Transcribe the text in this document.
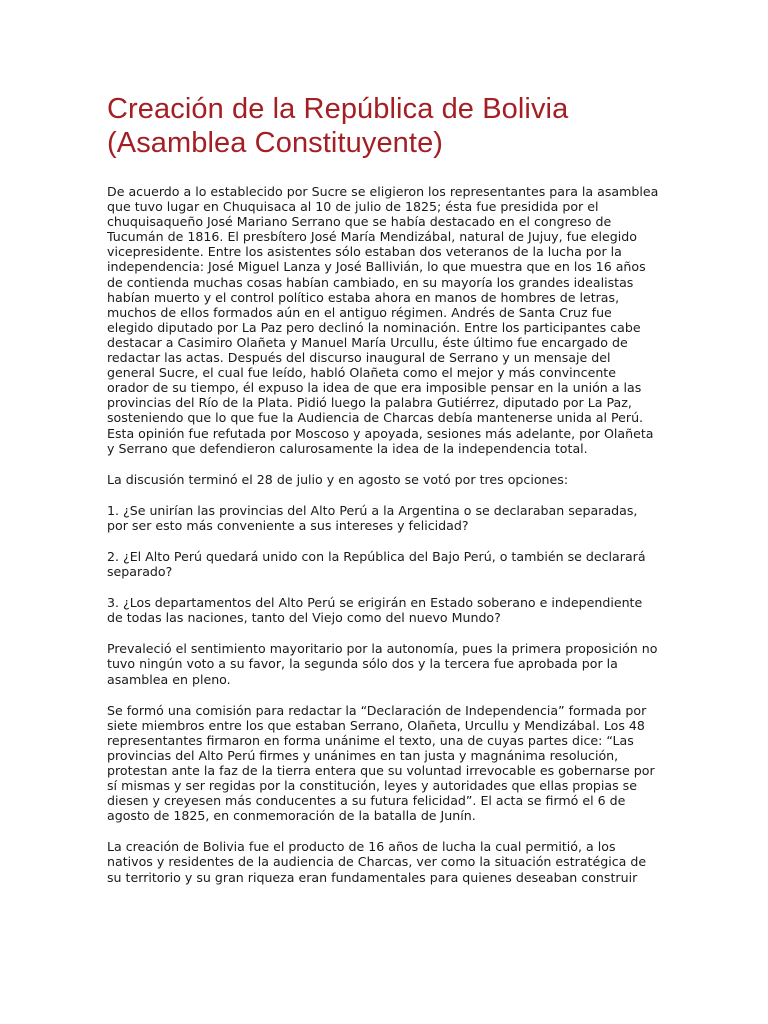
Creación de la República de Bolivia
(Asamblea Constituyente)

De acuerdo a lo establecido por Sucre se eligieron los representantes para la asamblea
que tuvo lugar en Chuquisaca al 10 de julio de 1825; ésta fue presidida por el
chuquisaqueño José Mariano Serrano que se había destacado en el congreso de
Tucumán de 1816. El presbítero José María Mendizábal, natural de Jujuy, fue elegido
vicepresidente. Entre los asistentes sólo estaban dos veteranos de la lucha por la
independencia: José Miguel Lanza y José Ballivián, lo que muestra que en los 16 años
de contienda muchas cosas habían cambiado, en su mayoría los grandes idealistas
habían muerto y el control político estaba ahora en manos de hombres de letras,
muchos de ellos formados aún en el antiguo régimen. Andrés de Santa Cruz fue
elegido diputado por La Paz pero declinó la nominación. Entre los participantes cabe
destacar a Casimiro Olañeta y Manuel María Urcullu, éste último fue encargado de
redactar las actas. Después del discurso inaugural de Serrano y un mensaje del
general Sucre, el cual fue leído, habló Olañeta como el mejor y más convincente
orador de su tiempo, él expuso la idea de que era imposible pensar en la unión a las
provincias del Río de la Plata. Pidió luego la palabra Gutiérrez, diputado por La Paz,
sosteniendo que lo que fue la Audiencia de Charcas debía mantenerse unida al Perú.
Esta opinión fue refutada por Moscoso y apoyada, sesiones más adelante, por Olañeta
y Serrano que defendieron calurosamente la idea de la independencia total.

La discusión terminó el 28 de julio y en agosto se votó por tres opciones:

1. ¿Se unirían las provincias del Alto Perú a la Argentina o se declaraban separadas,
por ser esto más conveniente a sus intereses y felicidad?

2. ¿El Alto Perú quedará unido con la República del Bajo Perú, o también se declarará
separado?

3. ¿Los departamentos del Alto Perú se erigirán en Estado soberano e independiente
de todas las naciones, tanto del Viejo como del nuevo Mundo?

Prevaleció el sentimiento mayoritario por la autonomía, pues la primera proposición no
tuvo ningún voto a su favor, la segunda sólo dos y la tercera fue aprobada por la
asamblea en pleno.

Se formó una comisión para redactar la “Declaración de Independencia” formada por
siete miembros entre los que estaban Serrano, Olañeta, Urcullu y Mendizábal. Los 48
representantes firmaron en forma unánime el texto, una de cuyas partes dice: “Las
provincias del Alto Perú firmes y unánimes en tan justa y magnánima resolución,
protestan ante la faz de la tierra entera que su voluntad irrevocable es gobernarse por
sí mismas y ser regidas por la constitución, leyes y autoridades que ellas propias se
diesen y creyesen más conducentes a su futura felicidad”. El acta se firmó el 6 de
agosto de 1825, en conmemoración de la batalla de Junín.

La creación de Bolivia fue el producto de 16 años de lucha la cual permitió, a los
nativos y residentes de la audiencia de Charcas, ver como la situación estratégica de
su territorio y su gran riqueza eran fundamentales para quienes deseaban construir
